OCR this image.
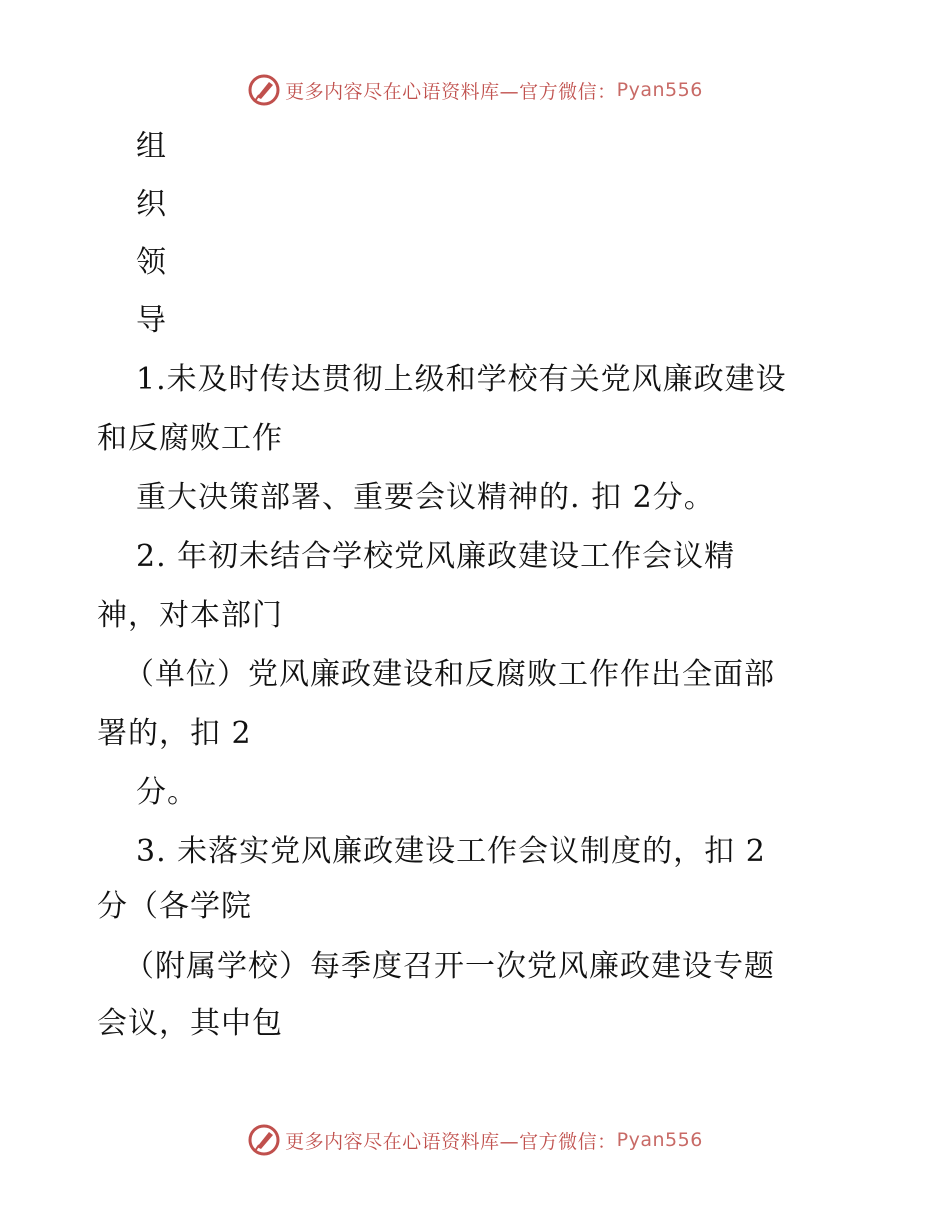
更多内容尽在心语资料库—官方微信： Pyan556
组
织
领
导
1.未及时传达贯彻上级和学校有关党风廉政建设
和反腐败工作
重大决策部署、重要会议精神的. 扣 2分。
2. 年初未结合学校党风廉政建设工作会议精
神，对本部门
（单位）党风廉政建设和反腐败工作作出全面部
署的，扣 2
分。
3. 未落实党风廉政建设工作会议制度的，扣 2
分（各学院
（附属学校）每季度召开一次党风廉政建设专题
会议，其中包
更多内容尽在心语资料库—官方微信： Pyan556
